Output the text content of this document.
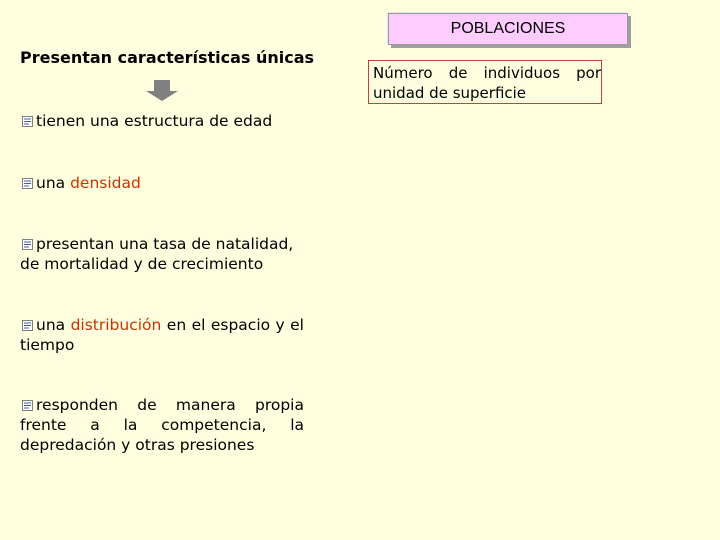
POBLACIONES
Presentan características únicas
Número de individuos por unidad de superficie
tienen una estructura de edad
una densidad
presentan una tasa de natalidad, de mortalidad y de crecimiento
una distribución en el espacio y el tiempo
responden de manera propia frente a la competencia, la depredación y otras presiones
